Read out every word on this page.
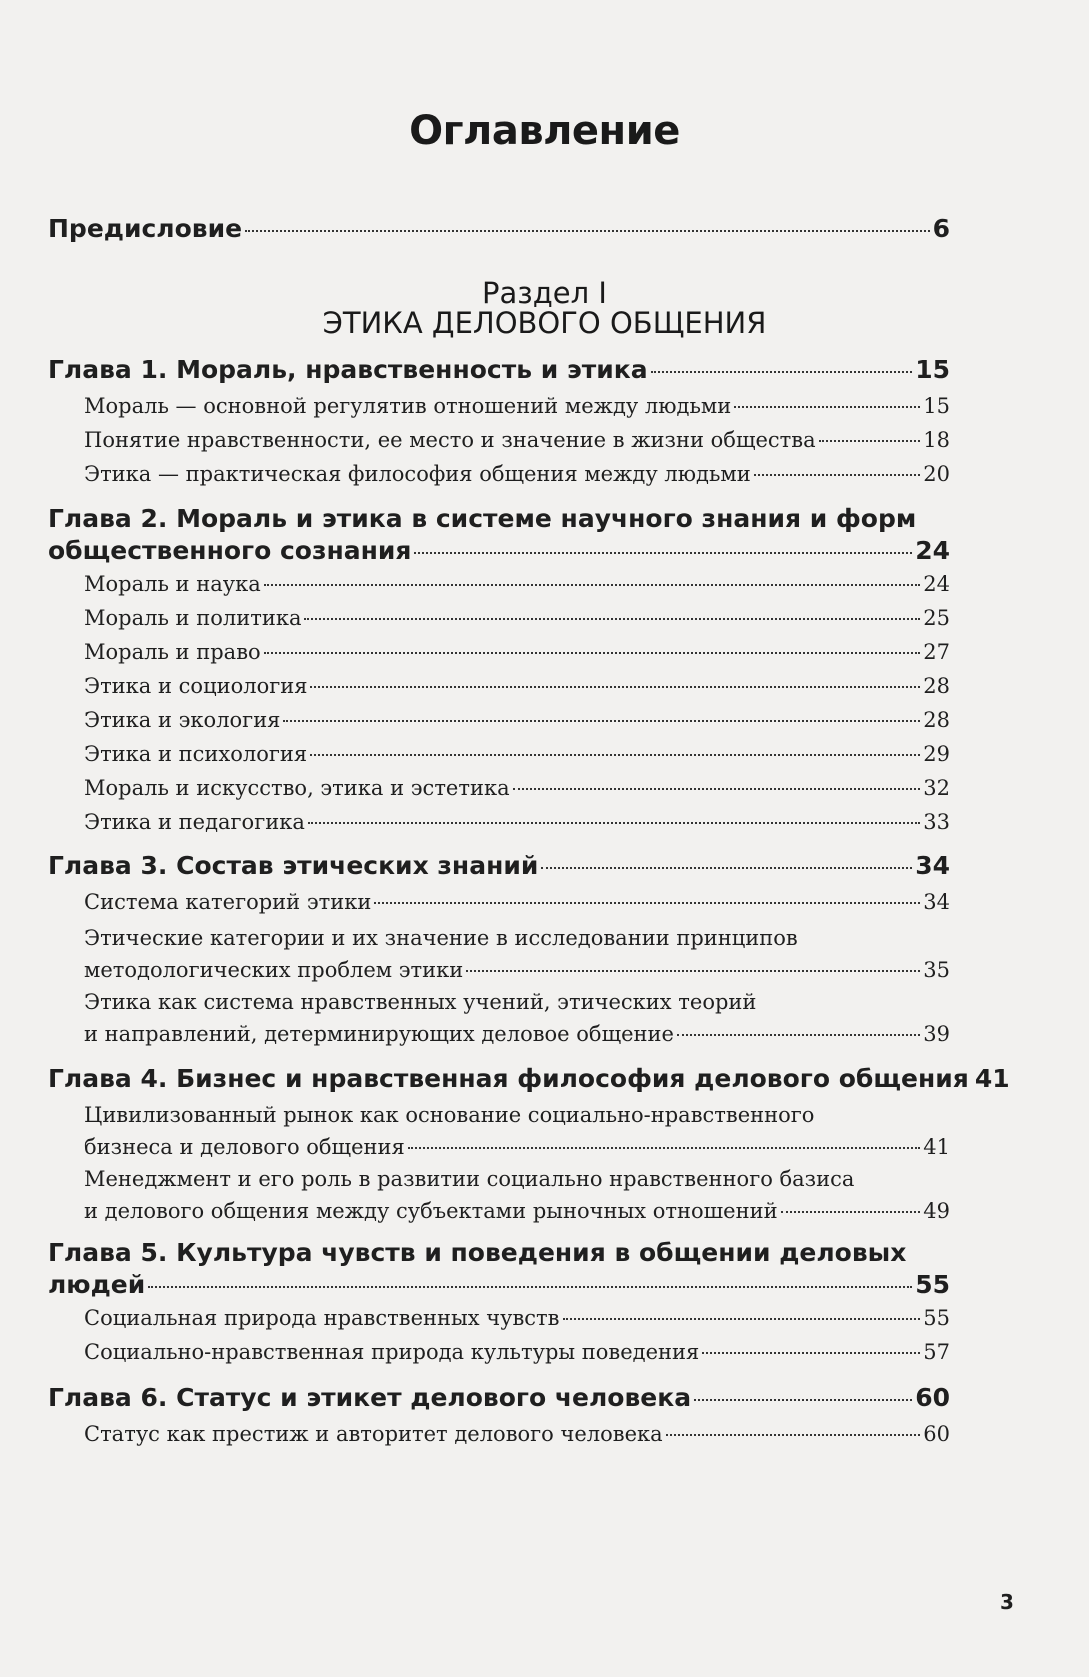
Оглавление
Предисловие	6
Раздел I
ЭТИКА ДЕЛОВОГО ОБЩЕНИЯ
Глава 1. Мораль, нравственность и этика	15
Мораль — основной регулятив отношений между людьми	15
Понятие нравственности, ее место и значение в жизни общества	18
Этика — практическая философия общения между людьми	20
Глава 2. Мораль и этика в системе научного знания и форм
общественного сознания	24
Мораль и наука	24
Мораль и политика	25
Мораль и право	27
Этика и социология	28
Этика и экология	28
Этика и психология	29
Мораль и искусство, этика и эстетика	32
Этика и педагогика	33
Глава 3. Состав этических знаний	34
Система категорий этики	34
Этические категории и их значение в исследовании принципов
методологических проблем этики	35
Этика как система нравственных учений, этических теорий
и направлений, детерминирующих деловое общение	39
Глава 4. Бизнес и нравственная философия делового общения 41
Цивилизованный рынок как основание социально-нравственного
бизнеса и делового общения	41
Менеджмент и его роль в развитии социально нравственного базиса
и делового общения между субъектами рыночных отношений	49
Глава 5. Культура чувств и поведения в общении деловых
людей	55
Социальная природа нравственных чувств	55
Социально-нравственная природа культуры поведения	57
Глава 6. Статус и этикет делового человека	60
Статус как престиж и авторитет делового человека	60
3
